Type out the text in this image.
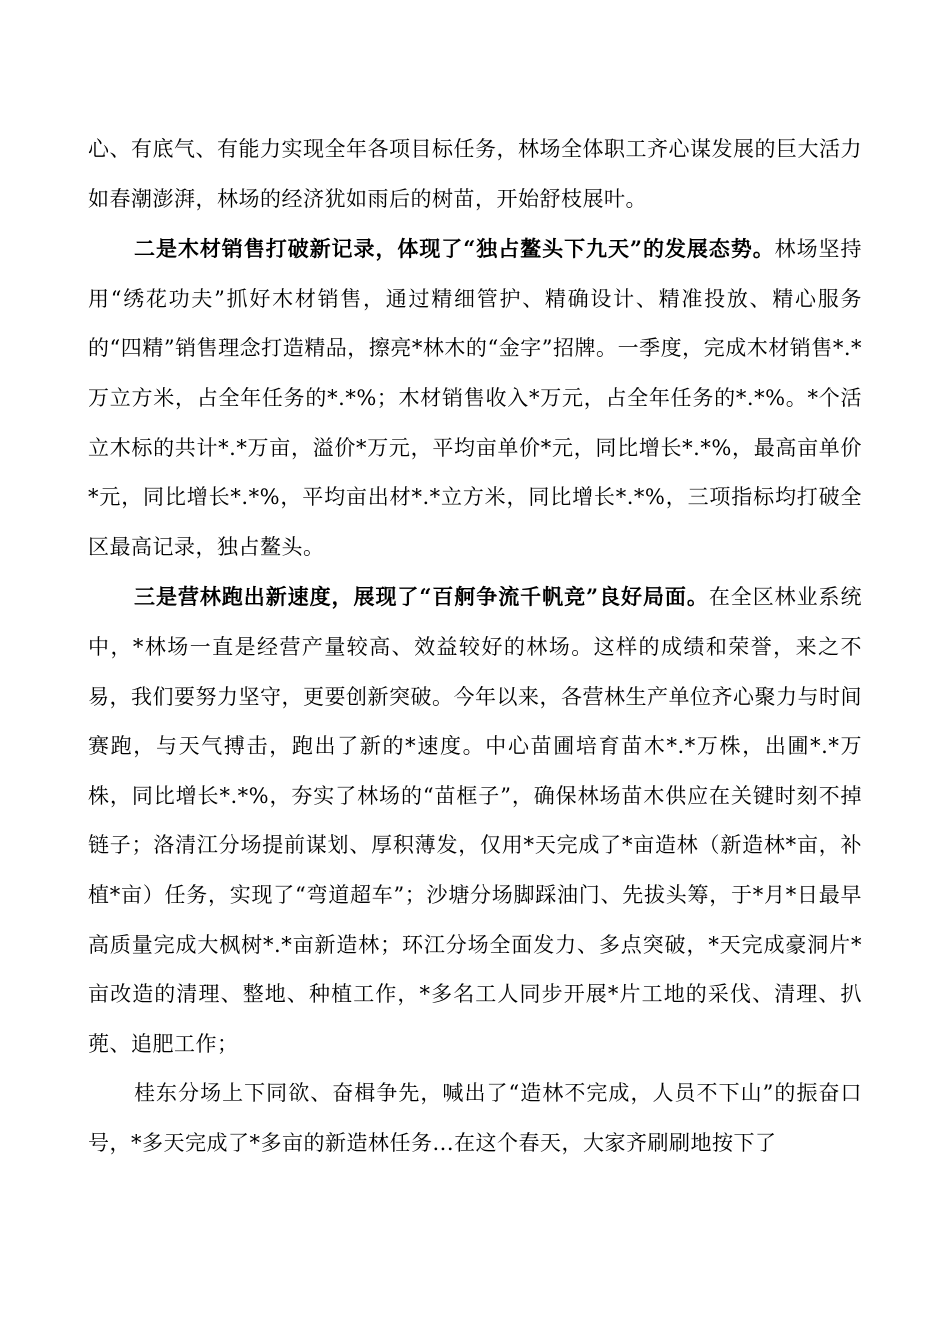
心、有底气、有能力实现全年各项目标任务，林场全体职工齐心谋发展的巨大活力如春潮澎湃，林场的经济犹如雨后的树苗，开始舒枝展叶。

二是木材销售打破新记录，体现了“独占鳌头下九天”的发展态势。林场坚持用“绣花功夫”抓好木材销售，通过精细管护、精确设计、精准投放、精心服务的“四精”销售理念打造精品，擦亮*林木的“金字”招牌。一季度，完成木材销售*.*万立方米，占全年任务的*.*%；木材销售收入*万元，占全年任务的*.*%。*个活立木标的共计*.*万亩，溢价*万元，平均亩单价*元，同比增长*.*%，最高亩单价*元，同比增长*.*%，平均亩出材*.*立方米，同比增长*.*%，三项指标均打破全区最高记录，独占鳌头。

三是营林跑出新速度，展现了“百舸争流千帆竞”良好局面。在全区林业系统中，*林场一直是经营产量较高、效益较好的林场。这样的成绩和荣誉，来之不易，我们要努力坚守，更要创新突破。今年以来，各营林生产单位齐心聚力与时间赛跑，与天气搏击，跑出了新的*速度。中心苗圃培育苗木*.*万株，出圃*.*万株，同比增长*.*%，夯实了林场的“苗框子”，确保林场苗木供应在关键时刻不掉链子；洛清江分场提前谋划、厚积薄发，仅用*天完成了*亩造林（新造林*亩，补植*亩）任务，实现了“弯道超车”；沙塘分场脚踩油门、先拔头筹，于*月*日最早高质量完成大枫树*.*亩新造林；环江分场全面发力、多点突破，*天完成豪洞片*亩改造的清理、整地、种植工作，*多名工人同步开展*片工地的采伐、清理、扒蔸、追肥工作；

桂东分场上下同欲、奋楫争先，喊出了“造林不完成，人员不下山”的振奋口号，*多天完成了*多亩的新造林任务...在这个春天，大家齐刷刷地按下了
